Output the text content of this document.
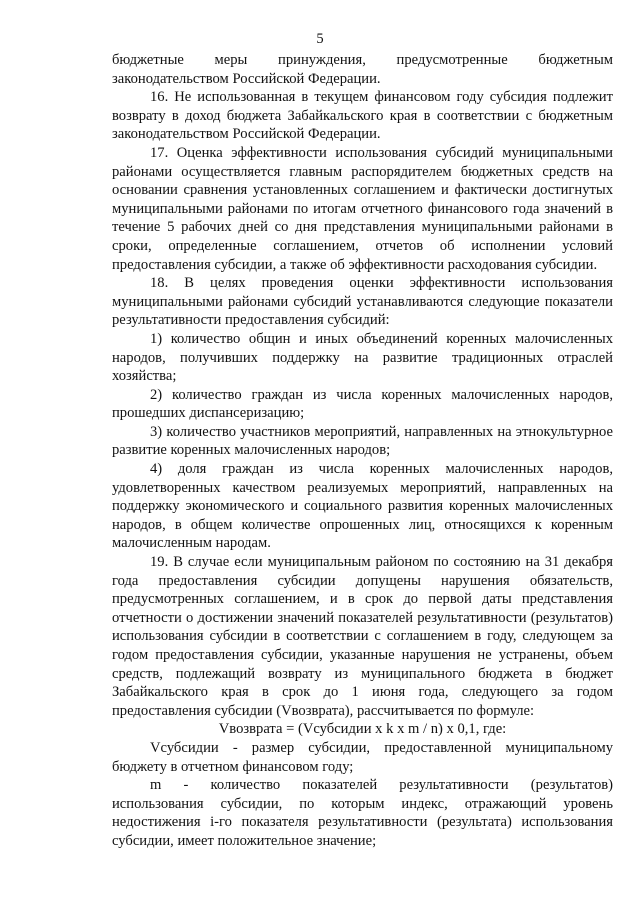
5

бюджетные меры принуждения, предусмотренные бюджетным законодательством Российской Федерации.

16. Не использованная в текущем финансовом году субсидия подлежит возврату в доход бюджета Забайкальского края в соответствии с бюджетным законодательством Российской Федерации.

17. Оценка эффективности использования субсидий муниципальными районами осуществляется главным распорядителем бюджетных средств на основании сравнения установленных соглашением и фактически достигнутых муниципальными районами по итогам отчетного финансового года значений в течение 5 рабочих дней со дня представления муниципальными районами в сроки, определенные соглашением, отчетов об исполнении условий предоставления субсидии, а также об эффективности расходования субсидии.

18. В целях проведения оценки эффективности использования муниципальными районами субсидий устанавливаются следующие показатели результативности предоставления субсидий:

1) количество общин и иных объединений коренных малочисленных народов, получивших поддержку на развитие традиционных отраслей хозяйства;

2) количество граждан из числа коренных малочисленных народов, прошедших диспансеризацию;

3) количество участников мероприятий, направленных на этнокультурное развитие коренных малочисленных народов;

4) доля граждан из числа коренных малочисленных народов, удовлетворенных качеством реализуемых мероприятий, направленных на поддержку экономического и социального развития коренных малочисленных народов, в общем количестве опрошенных лиц, относящихся к коренным малочисленным народам.

19. В случае если муниципальным районом по состоянию на 31 декабря года предоставления субсидии допущены нарушения обязательств, предусмотренных соглашением, и в срок до первой даты представления отчетности о достижении значений показателей результативности (результатов) использования субсидии в соответствии с соглашением в году, следующем за годом предоставления субсидии, указанные нарушения не устранены, объем средств, подлежащий возврату из муниципального бюджета в бюджет Забайкальского края в срок до 1 июня года, следующего за годом предоставления субсидии (Vвозврата), рассчитывается по формуле:

Vвозврата = (Vсубсидии x k x m / n) x 0,1, где:

Vсубсидии - размер субсидии, предоставленной муниципальному бюджету в отчетном финансовом году;

m - количество показателей результативности (результатов) использования субсидии, по которым индекс, отражающий уровень недостижения i-го показателя результативности (результата) использования субсидии, имеет положительное значение;
